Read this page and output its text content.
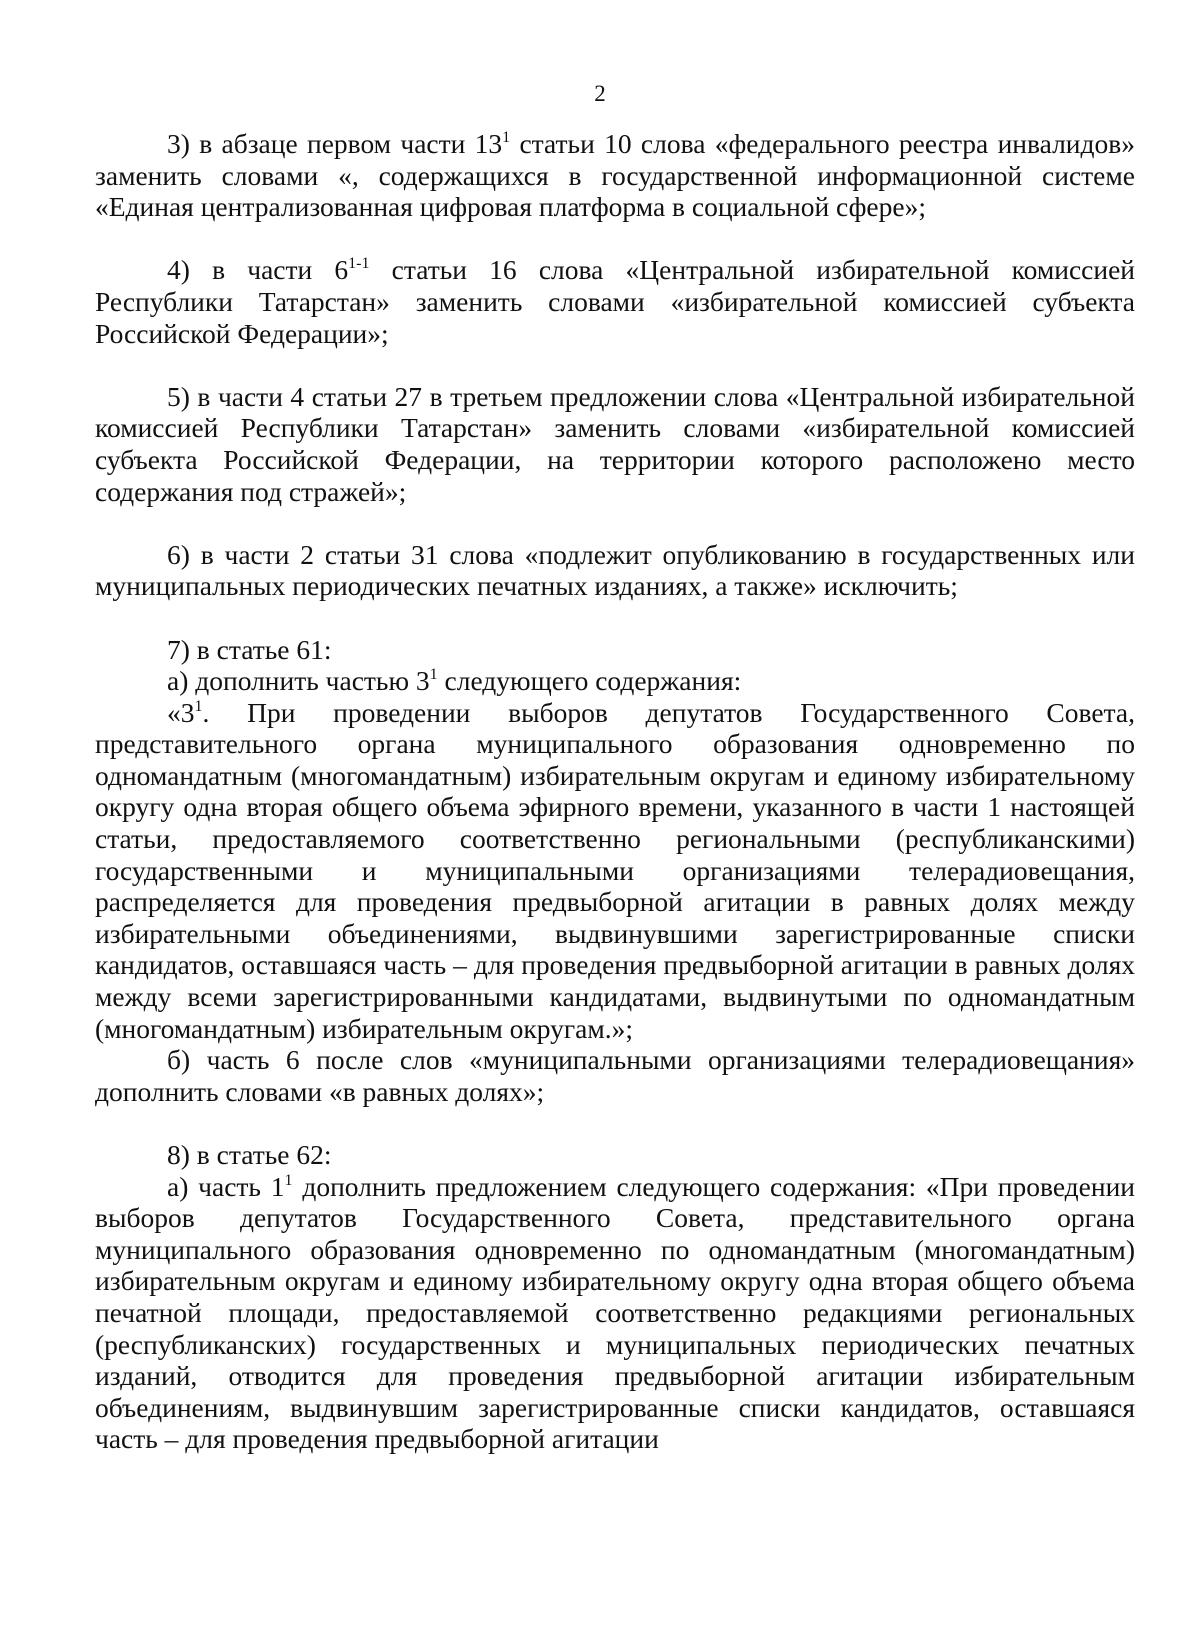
2

3) в абзаце первом части $13^1$ статьи 10 слова «федерального реестра инвалидов» заменить словами «, содержащихся в государственной информационной системе «Единая централизованная цифровая платформа в социальной сфере»;

4) в части 6$^{1-1}$ статьи 16 слова «Центральной избирательной комиссией Республики Татарстан» заменить словами «избирательной комиссией субъекта Российской Федерации»;

5) в части 4 статьи 27 в третьем предложении слова «Центральной избирательной комиссией Республики Татарстан» заменить словами «избирательной комиссией субъекта Российской Федерации, на территории которого расположено место содержания под стражей»;

6) в части 2 статьи 31 слова «подлежит опубликованию в государственных или муниципальных периодических печатных изданиях, а также» исключить;

7) в статье 61:

а) дополнить частью $3^1$ следующего содержания:

«$3^1$. При проведении выборов депутатов Государственного Совета, представительного органа муниципального образования одновременно по одномандатным (многомандатным) избирательным округам и единому избирательному округу одна вторая общего объема эфирного времени, указанного в части 1 настоящей статьи, предоставляемого соответственно региональными (республиканскими) государственными и муниципальными организациями телерадиовещания, распределяется для проведения предвыборной агитации в равных долях между избирательными объединениями, выдвинувшими зарегистрированные списки кандидатов, оставшаяся часть – для проведения предвыборной агитации в равных долях между всеми зарегистрированными кандидатами, выдвинутыми по одномандатным (многомандатным) избирательным округам.»;

б) часть 6 после слов «муниципальными организациями телерадиовещания» дополнить словами «в равных долях»;

8) в статье 62:

а) часть $1^1$ дополнить предложением следующего содержания: «При проведении выборов депутатов Государственного Совета, представительного органа муниципального образования одновременно по одномандатным (многомандатным) избирательным округам и единому избирательному округу одна вторая общего объема печатной площади, предоставляемой соответственно редакциями региональных (республиканских) государственных и муниципальных периодических печатных изданий, отводится для проведения предвыборной агитации избирательным объединениям, выдвинувшим зарегистрированные списки кандидатов, оставшаяся часть – для проведения предвыборной агитации
